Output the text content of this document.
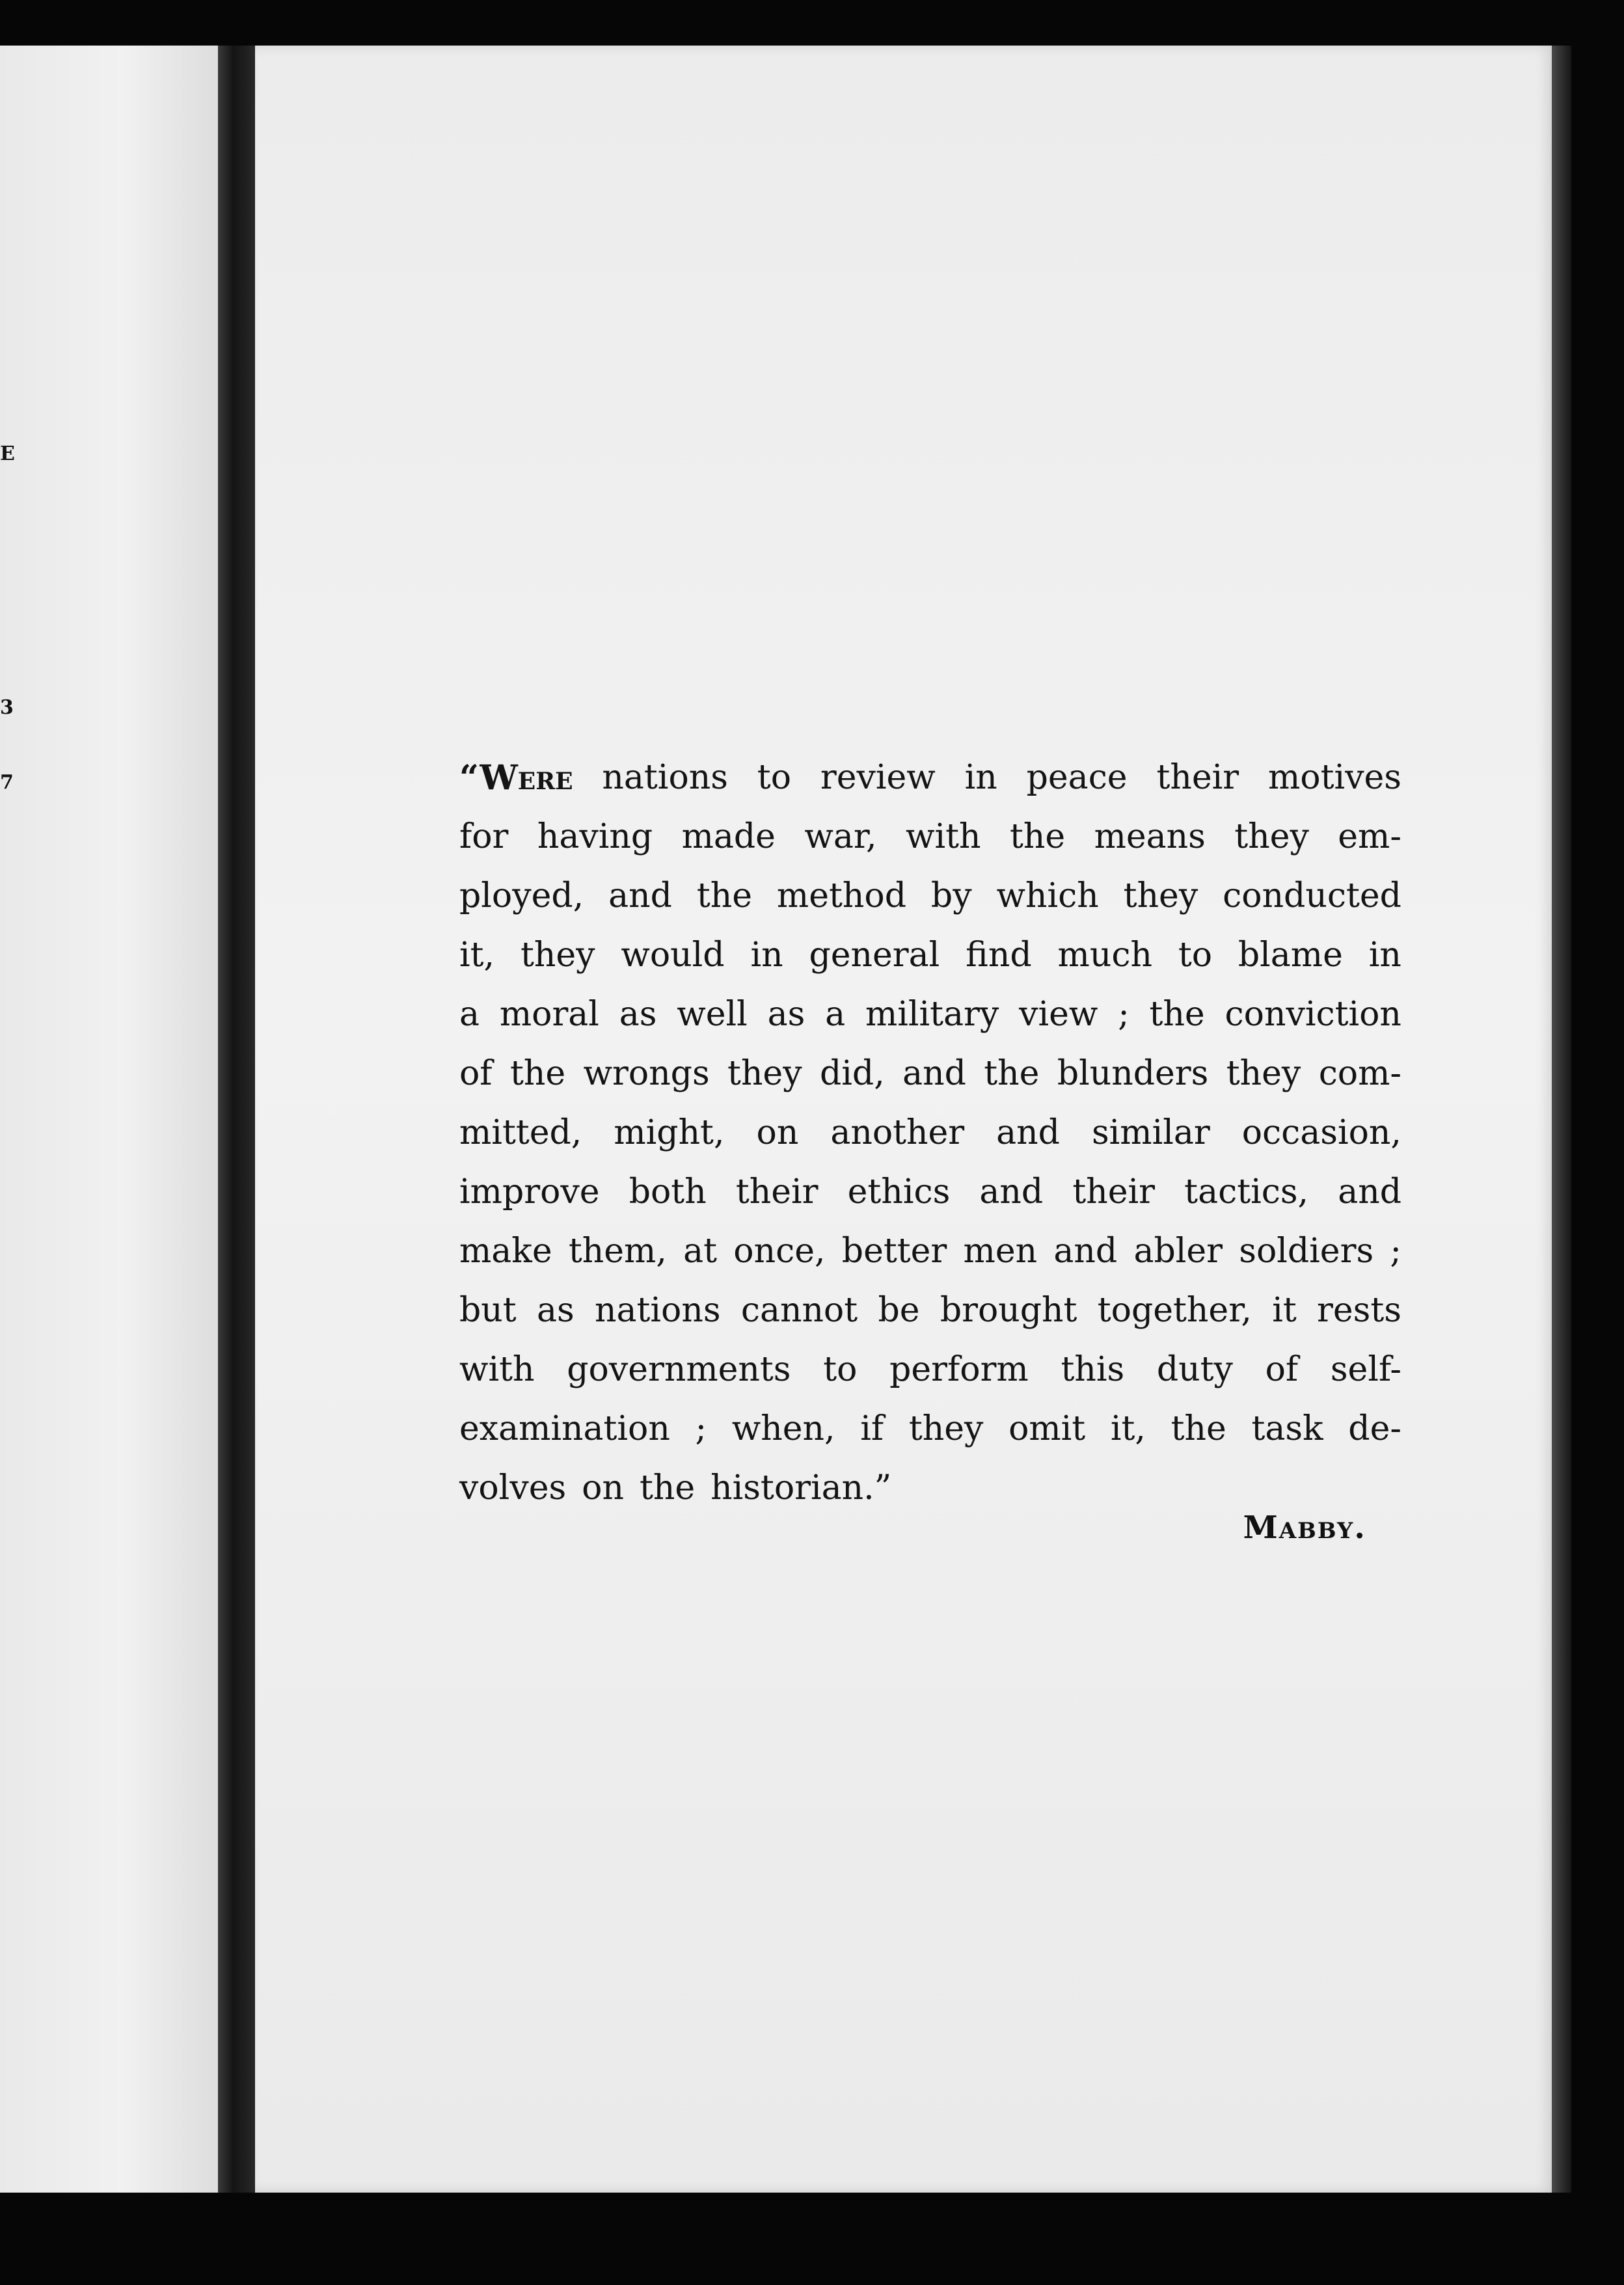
E
3
7	“Were nations to review in peace their motives
for having made war, with the means they em-
ployed, and the method by which they conducted
it, they would in general find much to blame in
a moral as well as a military view ; the conviction
of the wrongs they did, and the blunders they com-
mitted, might, on another and similar occasion,
improve both their ethics and their tactics, and
make them, at once, better men and abler soldiers ;
but as nations cannot be brought together, it rests
with governments to perform this duty of self-
examination ; when, if they omit it, the task de-
volves on the historian.”
Mabby.
